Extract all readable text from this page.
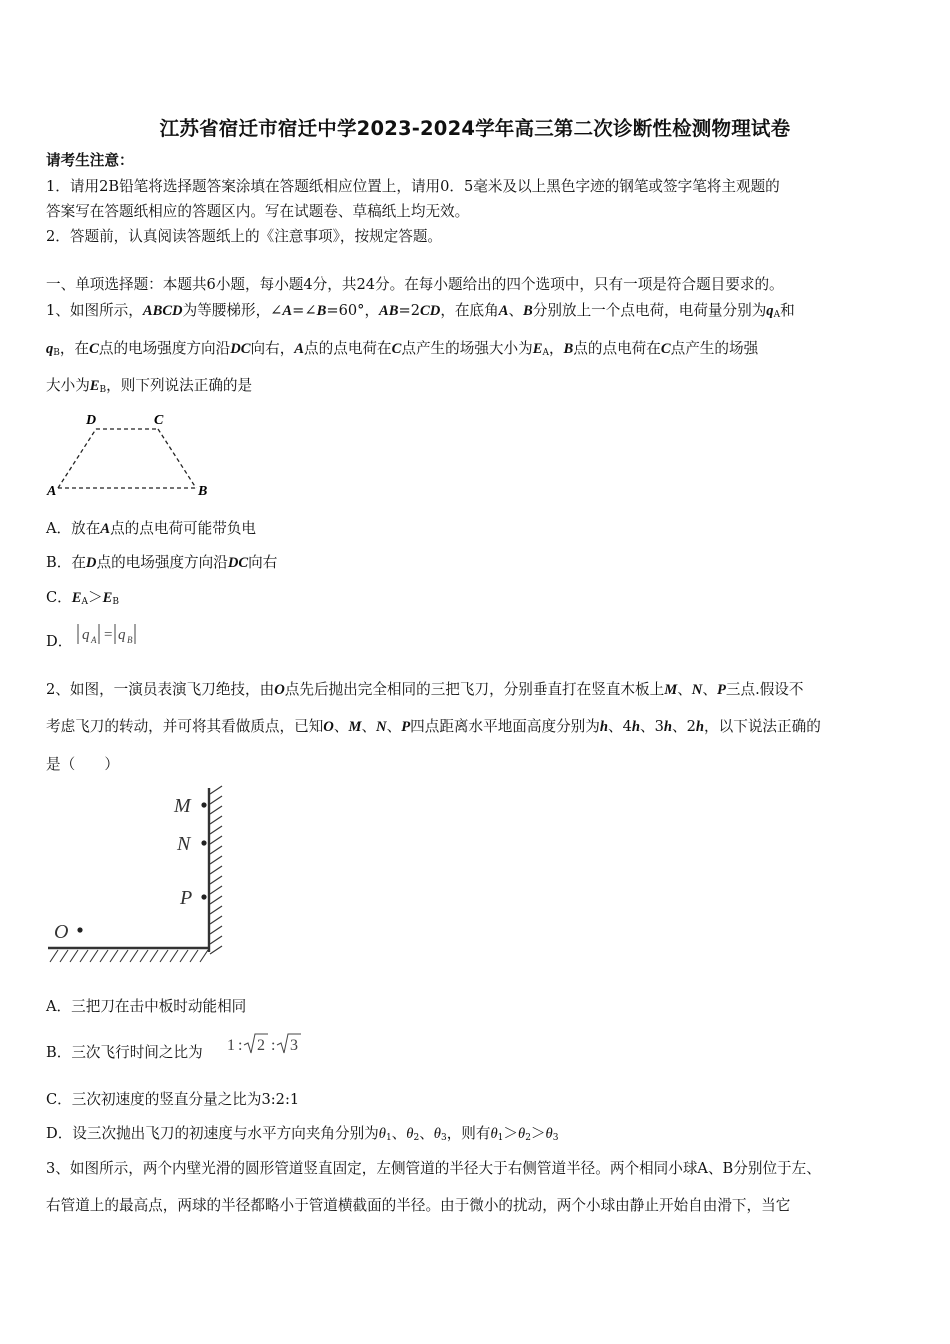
江苏省宿迁市宿迁中学2023-2024学年高三第二次诊断性检测物理试卷
请考生注意：
1．请用2B铅笔将选择题答案涂填在答题纸相应位置上，请用0．5毫米及以上黑色字迹的钢笔或签字笔将主观题的
答案写在答题纸相应的答题区内。写在试题卷、草稿纸上均无效。
2．答题前，认真阅读答题纸上的《注意事项》，按规定答题。
一、单项选择题：本题共6小题，每小题4分，共24分。在每小题给出的四个选项中，只有一项是符合题目要求的。
1、如图所示，ABCD为等腰梯形，∠A=∠B=60°，AB=2CD，在底角A、B分别放上一个点电荷，电荷量分别为$q_A$和
$q_B$，在C点的电场强度方向沿DC向右，A点的点电荷在C点产生的场强大小为$E_A$，B点的点电荷在C点产生的场强
大小为$E_B$，则下列说法正确的是
A	B
C
D
A．放在A点的点电荷可能带负电
B．在D点的电场强度方向沿DC向右
C．$E_A>E_B$
D． q A = q B
2、如图，一演员表演飞刀绝技，由O点先后抛出完全相同的三把飞刀，分别垂直打在竖直木板上M、N、P三点.假设不
考虑飞刀的转动，并可将其看做质点，已知O、M、N、P四点距离水平地面高度分别为h、4h、3h、2h，以下说法正确的
是（　　）
M
N
P
O
A．三把刀在击中板时动能相同
B．三次飞行时间之比为 1 : 2 : 3
C．三次初速度的竖直分量之比为3:2:1
D．设三次抛出飞刀的初速度与水平方向夹角分别为$\theta_1$、$\theta_2$、$\theta_3$，则有$\theta_1>\theta_2>\theta_3$
3、如图所示，两个内壁光滑的圆形管道竖直固定，左侧管道的半径大于右侧管道半径。两个相同小球A、B分别位于左、
右管道上的最高点，两球的半径都略小于管道横截面的半径。由于微小的扰动，两个小球由静止开始自由滑下，当它
